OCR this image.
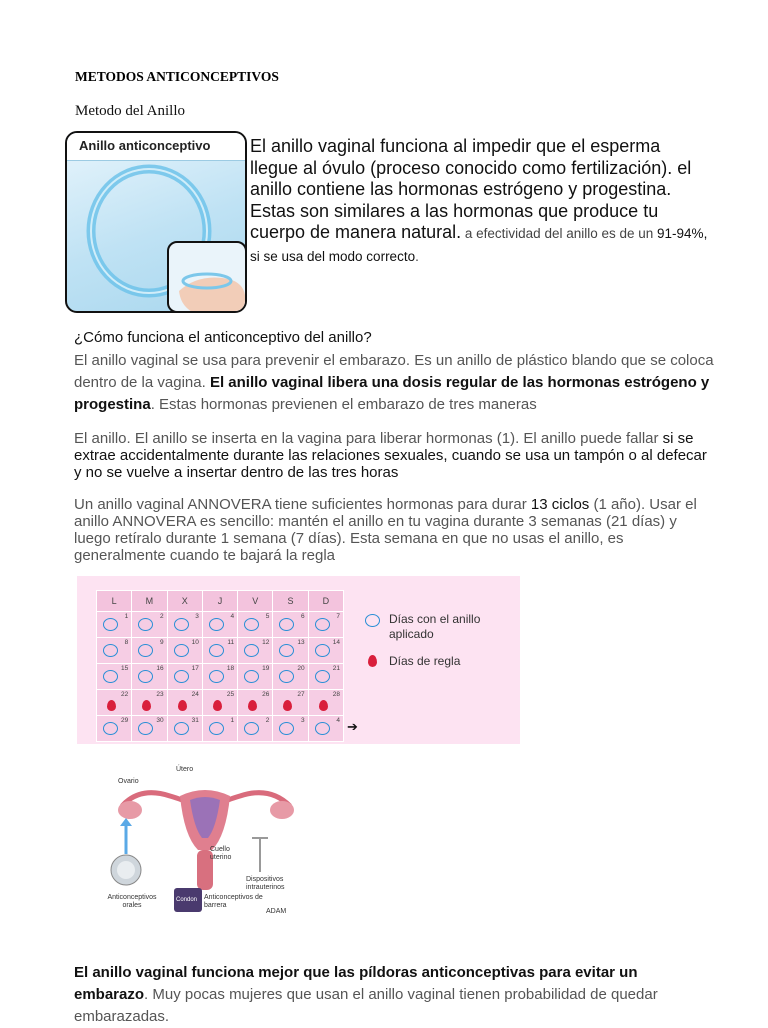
METODOS ANTICONCEPTIVOS
Metodo del Anillo
Anillo anticonceptivo	El anillo vaginal funciona al impedir que el esperma llegue al óvulo (proceso conocido como fertilización). el anillo contiene las hormonas estrógeno y progestina. Estas son similares a las hormonas que produce tu cuerpo de manera natural. a efectividad del anillo es de un 91-94%, si se usa del modo correcto.
¿Cómo funciona el anticonceptivo del anillo?
El anillo vaginal se usa para prevenir el embarazo. Es un anillo de plástico blando que se coloca dentro de la vagina. El anillo vaginal libera una dosis regular de las hormonas estrógeno y progestina. Estas hormonas previenen el embarazo de tres maneras
El anillo. El anillo se inserta en la vagina para liberar hormonas (1). El anillo puede fallar si se extrae accidentalmente durante las relaciones sexuales, cuando se usa un tampón o al defecar y no se vuelve a insertar dentro de las tres horas
Un anillo vaginal ANNOVERA tiene suficientes hormonas para durar 13 ciclos (1 año). Usar el anillo ANNOVERA es sencillo: mantén el anillo en tu vagina durante 3 semanas (21 días) y luego retíralo durante 1 semana (7 días). Esta semana en que no usas el anillo, es generalmente cuando te bajará la regla
L	M	X	J	V	S	D

1	2	3	4	5	6	7

8	9	10	11	12	13	14

15	16	17	18	19	20	21

22	23	24	25	26	27	28

29	30	31	1	2	3	4
Días con el anillo aplicado
Días de regla
➔
Útero
Ovario
Cuello uterino
Dispositivos intrauterinos
Anticonceptivos orales
Condon Anticonceptivos de barrera
ADAM
El anillo vaginal funciona mejor que las píldoras anticonceptivas para evitar un embarazo. Muy pocas mujeres que usan el anillo vaginal tienen probabilidad de quedar embarazadas.
